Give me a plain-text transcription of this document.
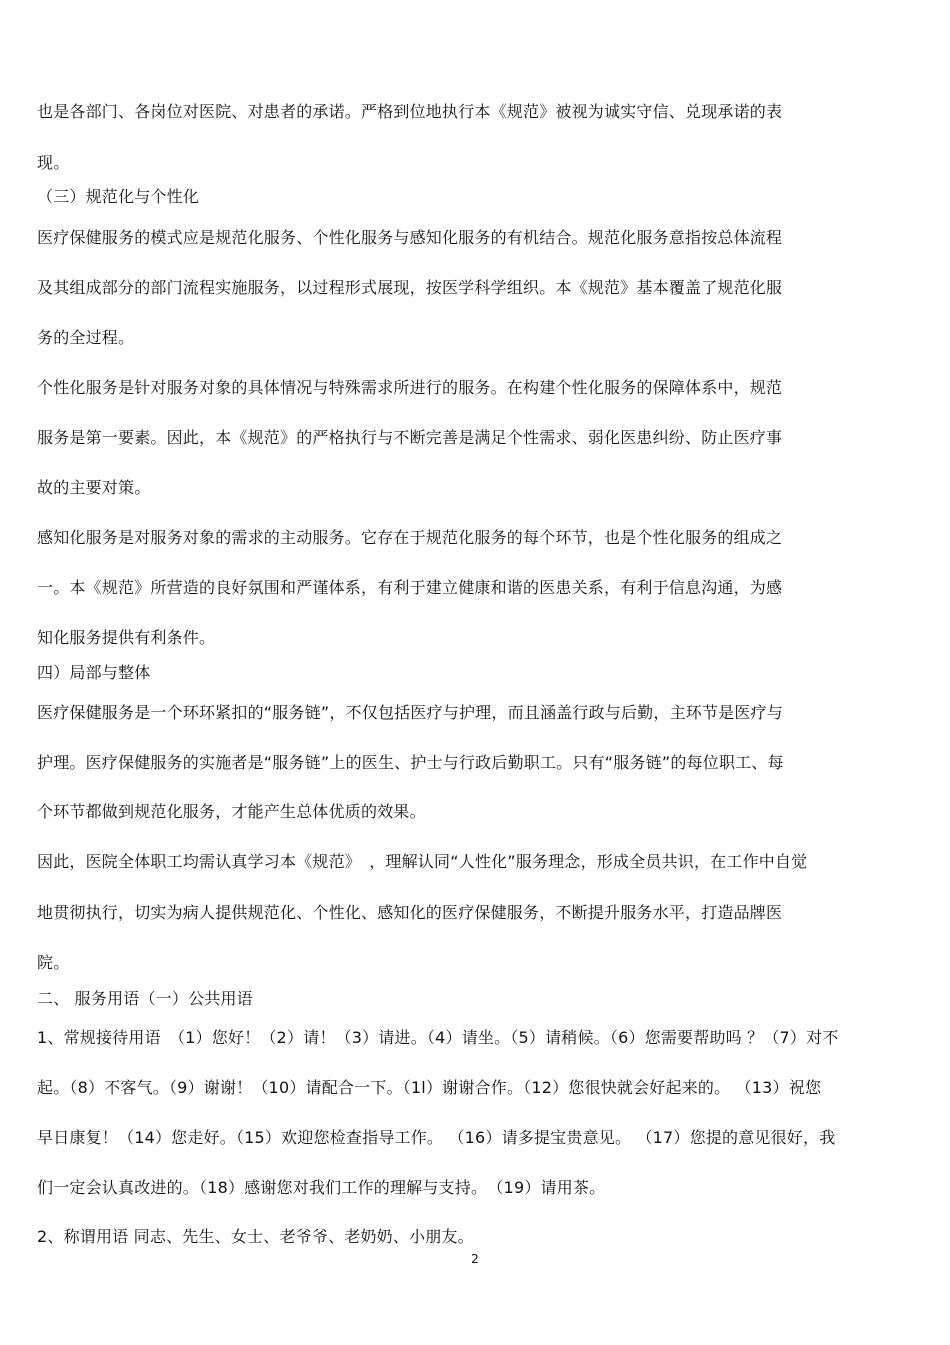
也是各部门、各岗位对医院、对患者的承诺。严格到位地执行本《规范》被视为诚实守信、兑现承诺的表
现。
（三）规范化与个性化
医疗保健服务的模式应是规范化服务、个性化服务与感知化服务的有机结合。规范化服务意指按总体流程
及其组成部分的部门流程实施服务，以过程形式展现，按医学科学组织。本《规范》基本覆盖了规范化服
务的全过程。
个性化服务是针对服务对象的具体情况与特殊需求所进行的服务。在构建个性化服务的保障体系中，规范
服务是第一要素。因此，本《规范》的严格执行与不断完善是满足个性需求、弱化医患纠纷、防止医疗事
故的主要对策。
感知化服务是对服务对象的需求的主动服务。它存在于规范化服务的每个环节，也是个性化服务的组成之
一。本《规范》所营造的良好氛围和严谨体系，有利于建立健康和谐的医患关系，有利于信息沟通，为感
知化服务提供有利条件。
四）局部与整体
医疗保健服务是一个环环紧扣的“服务链”，不仅包括医疗与护理，而且涵盖行政与后勤，主环节是医疗与
护理。医疗保健服务的实施者是“服务链”上的医生、护士与行政后勤职工。只有“服务链”的每位职工、每
个环节都做到规范化服务，才能产生总体优质的效果。
因此，医院全体职工均需认真学习本《规范》　，理解认同“人性化”服务理念，形成全员共识，在工作中自觉
地贯彻执行，切实为病人提供规范化、个性化、感知化的医疗保健服务，不断提升服务水平，打造品牌医
院。
二、 服务用语（一）公共用语
1、常规接待用语　（1）您好！（2）请！（3）请进。（4）请坐。（5）请稍候。（6）您需要帮助吗 ？（7）对不
起。（8）不客气。（9）谢谢！（10）请配合一下。（1l）谢谢合作。（12）您很快就会好起来的。 （13）祝您
早日康复！（14）您走好。（15）欢迎您检查指导工作。 （16）请多提宝贵意见。 （17）您提的意见很好，我
们一定会认真改进的。（18）感谢您对我们工作的理解与支持。　（19）请用茶。
2、称谓用语 同志、先生、女士、老爷爷、老奶奶、小朋友。
2
